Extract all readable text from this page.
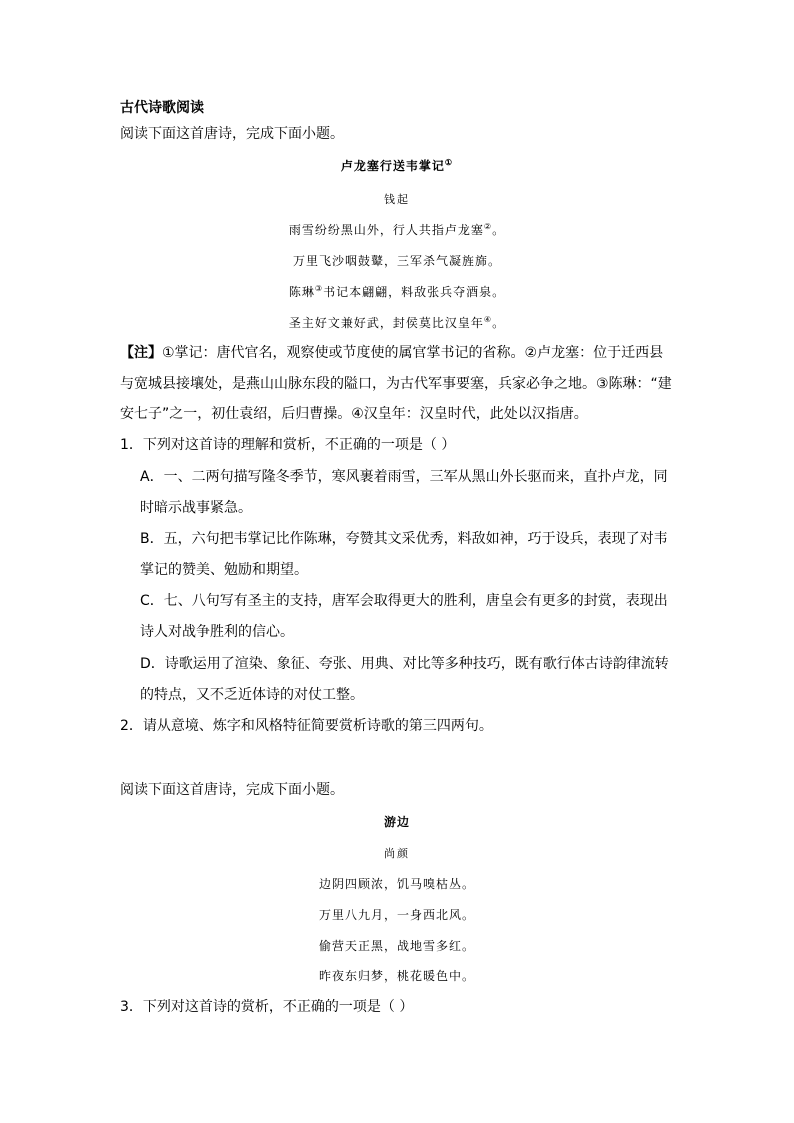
古代诗歌阅读
阅读下面这首唐诗，完成下面小题。
卢龙塞行送韦掌记①
钱起
雨雪纷纷黑山外，行人共指卢龙塞②。
万里飞沙咽鼓鼙，三军杀气凝旌旆。
陈琳③书记本翩翩，料敌张兵夺酒泉。
圣主好文兼好武，封侯莫比汉皇年④。
【注】①掌记：唐代官名，观察使或节度使的属官掌书记的省称。②卢龙塞：位于迁西县
与宽城县接壤处，是燕山山脉东段的隘口，为古代军事要塞，兵家必争之地。③陈琳：“建
安七子”之一，初仕袁绍，后归曹操。④汉皇年：汉皇时代，此处以汉指唐。
1．下列对这首诗的理解和赏析，不正确的一项是（ ）
A．一、二两句描写隆冬季节，寒风裹着雨雪，三军从黑山外长驱而来，直扑卢龙，同
时暗示战事紧急。
B．五，六句把韦掌记比作陈琳，夸赞其文采优秀，料敌如神，巧于设兵，表现了对韦
掌记的赞美、勉励和期望。
C．七、八句写有圣主的支持，唐军会取得更大的胜利，唐皇会有更多的封赏，表现出
诗人对战争胜利的信心。
D．诗歌运用了渲染、象征、夸张、用典、对比等多种技巧，既有歌行体古诗韵律流转
的特点，又不乏近体诗的对仗工整。
2．请从意境、炼字和风格特征简要赏析诗歌的第三四两句。
阅读下面这首唐诗，完成下面小题。
游边
尚颜
边阴四顾浓，饥马嗅枯丛。
万里八九月，一身西北风。
偷营天正黑，战地雪多红。
昨夜东归梦，桃花暖色中。
3．下列对这首诗的赏析，不正确的一项是（ ）
